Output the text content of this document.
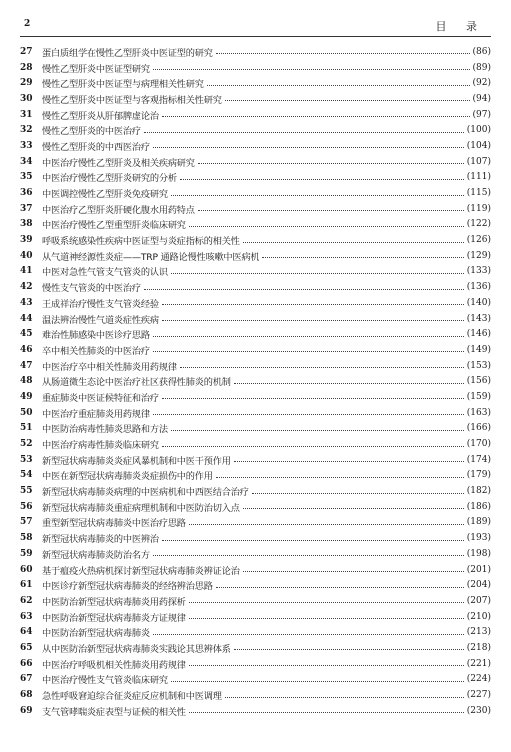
2	目 录
27	蛋白质组学在慢性乙型肝炎中医证型的研究	(86)
28	慢性乙型肝炎中医证型研究	(89)
29	慢性乙型肝炎中医证型与病理相关性研究	(92)
30	慢性乙型肝炎中医证型与客观指标相关性研究	(94)
31	慢性乙型肝炎从肝郁脾虚论治	(97)
32	慢性乙型肝炎的中医治疗	(100)
33	慢性乙型肝炎的中西医治疗	(104)
34	中医治疗慢性乙型肝炎及相关疾病研究	(107)
35	中医治疗慢性乙型肝炎研究的分析	(111)
36	中医调控慢性乙型肝炎免疫研究	(115)
37	中医治疗乙型肝炎肝硬化腹水用药特点	(119)
38	中医治疗慢性乙型重型肝炎临床研究	(122)
39	呼吸系统感染性疾病中医证型与炎症指标的相关性	(126)
40	从气道神经源性炎症——TRP 通路论慢性咳嗽中医病机	(129)
41	中医对急性气管支气管炎的认识	(133)
42	慢性支气管炎的中医治疗	(136)
43	王成祥治疗慢性支气管炎经验	(140)
44	温法辨治慢性气道炎症性疾病	(143)
45	难治性肺感染中医诊疗思路	(146)
46	卒中相关性肺炎的中医治疗	(149)
47	中医治疗卒中相关性肺炎用药规律	(153)
48	从肠道微生态论中医治疗社区获得性肺炎的机制	(156)
49	重症肺炎中医证候特征和治疗	(159)
50	中医治疗重症肺炎用药规律	(163)
51	中医防治病毒性肺炎思路和方法	(166)
52	中医治疗病毒性肺炎临床研究	(170)
53	新型冠状病毒肺炎炎症风暴机制和中医干预作用	(174)
54	中医在新型冠状病毒肺炎炎症损伤中的作用	(179)
55	新型冠状病毒肺炎病理的中医病机和中西医结合治疗	(182)
56	新型冠状病毒肺炎重症病理机制和中医防治切入点	(186)
57	重型新型冠状病毒肺炎中医治疗思路	(189)
58	新型冠状病毒肺炎的中医辨治	(193)
59	新型冠状病毒肺炎防治名方	(198)
60	基于瘟疫火热病机探讨新型冠状病毒肺炎辨证论治	(201)
61	中医诊疗新型冠状病毒肺炎的经络辨治思路	(204)
62	中医防治新型冠状病毒肺炎用药探析	(207)
63	中医防治新型冠状病毒肺炎方证规律	(210)
64	中医防治新型冠状病毒肺炎	(213)
65	从中医防治新型冠状病毒肺炎实践论其思辨体系	(218)
66	中医治疗呼吸机相关性肺炎用药规律	(221)
67	中医治疗慢性支气管炎临床研究	(224)
68	急性呼吸窘迫综合征炎症反应机制和中医调理	(227)
69	支气管哮喘炎症表型与证候的相关性	(230)
